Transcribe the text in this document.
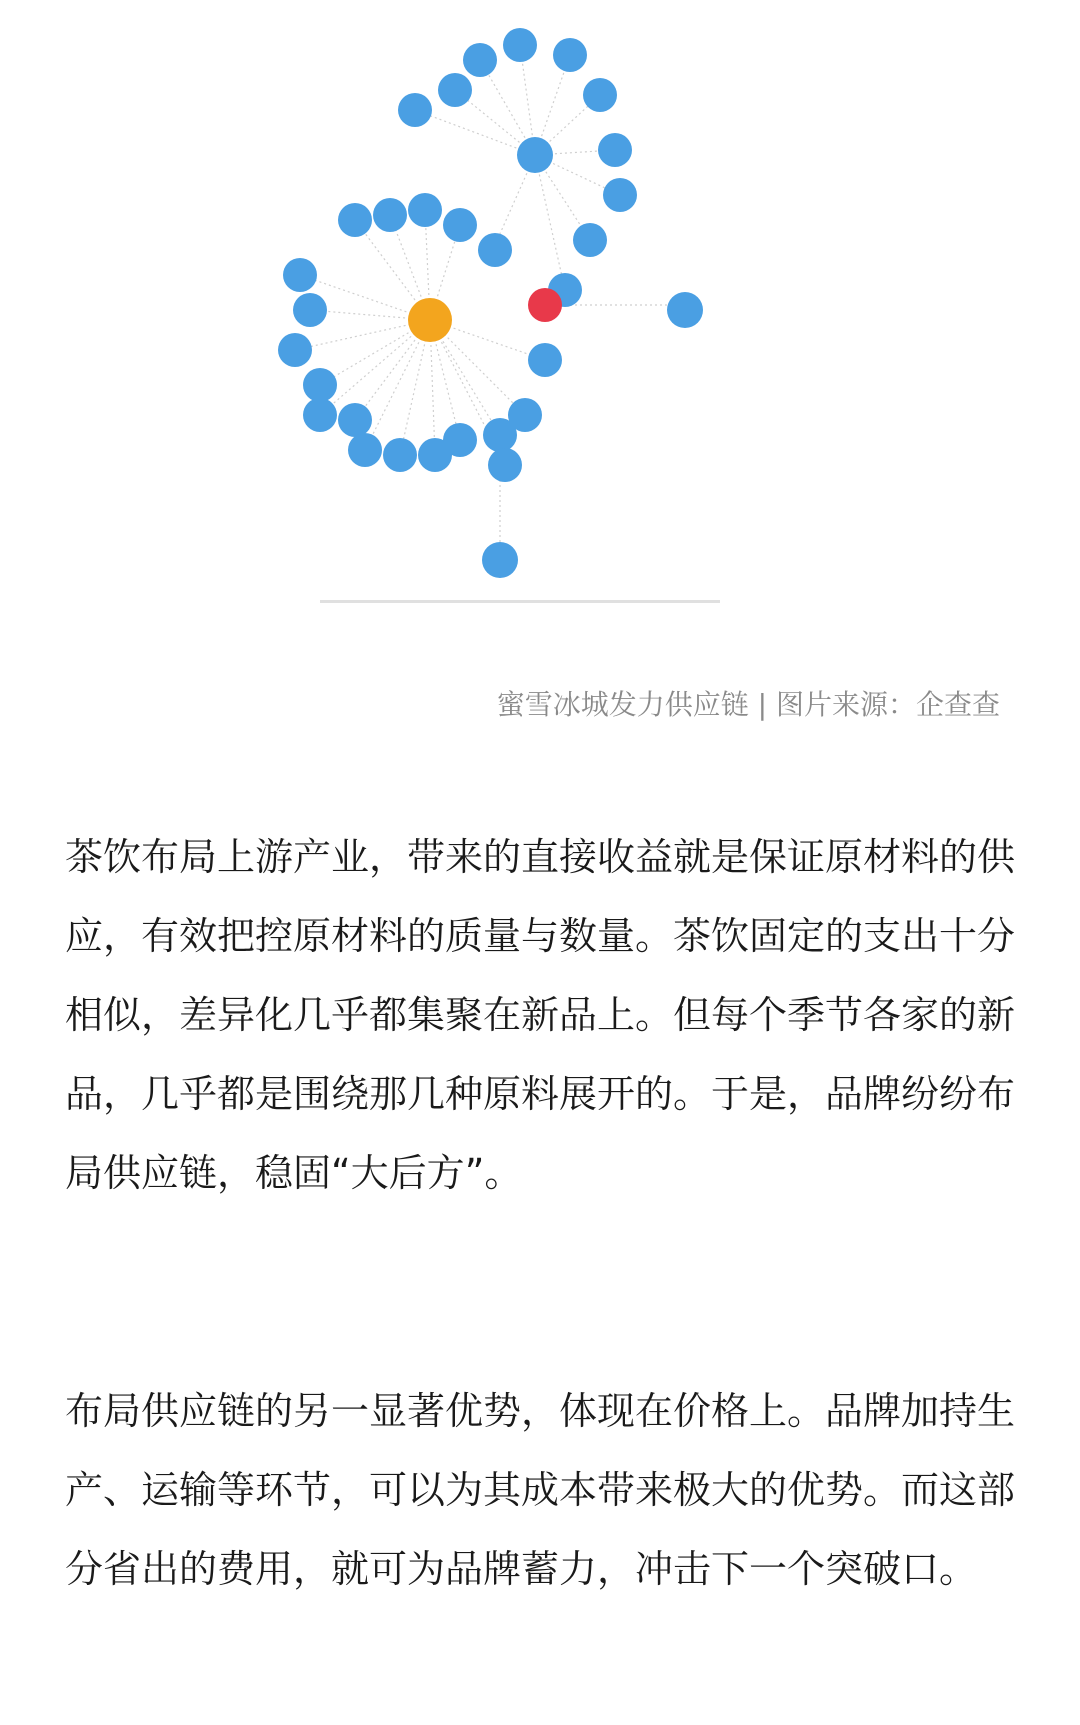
蜜雪冰城发力供应链 | 图片来源：企查查

茶饮布局上游产业，带来的直接收益就是保证原材料的供应，有效把控原材料的质量与数量。茶饮固定的支出十分相似，差异化几乎都集聚在新品上。但每个季节各家的新品，几乎都是围绕那几种原料展开的。于是，品牌纷纷布局供应链，稳固“大后方”。

布局供应链的另一显著优势，体现在价格上。品牌加持生产、运输等环节，可以为其成本带来极大的优势。而这部分省出的费用，就可为品牌蓄力，冲击下一个突破口。
